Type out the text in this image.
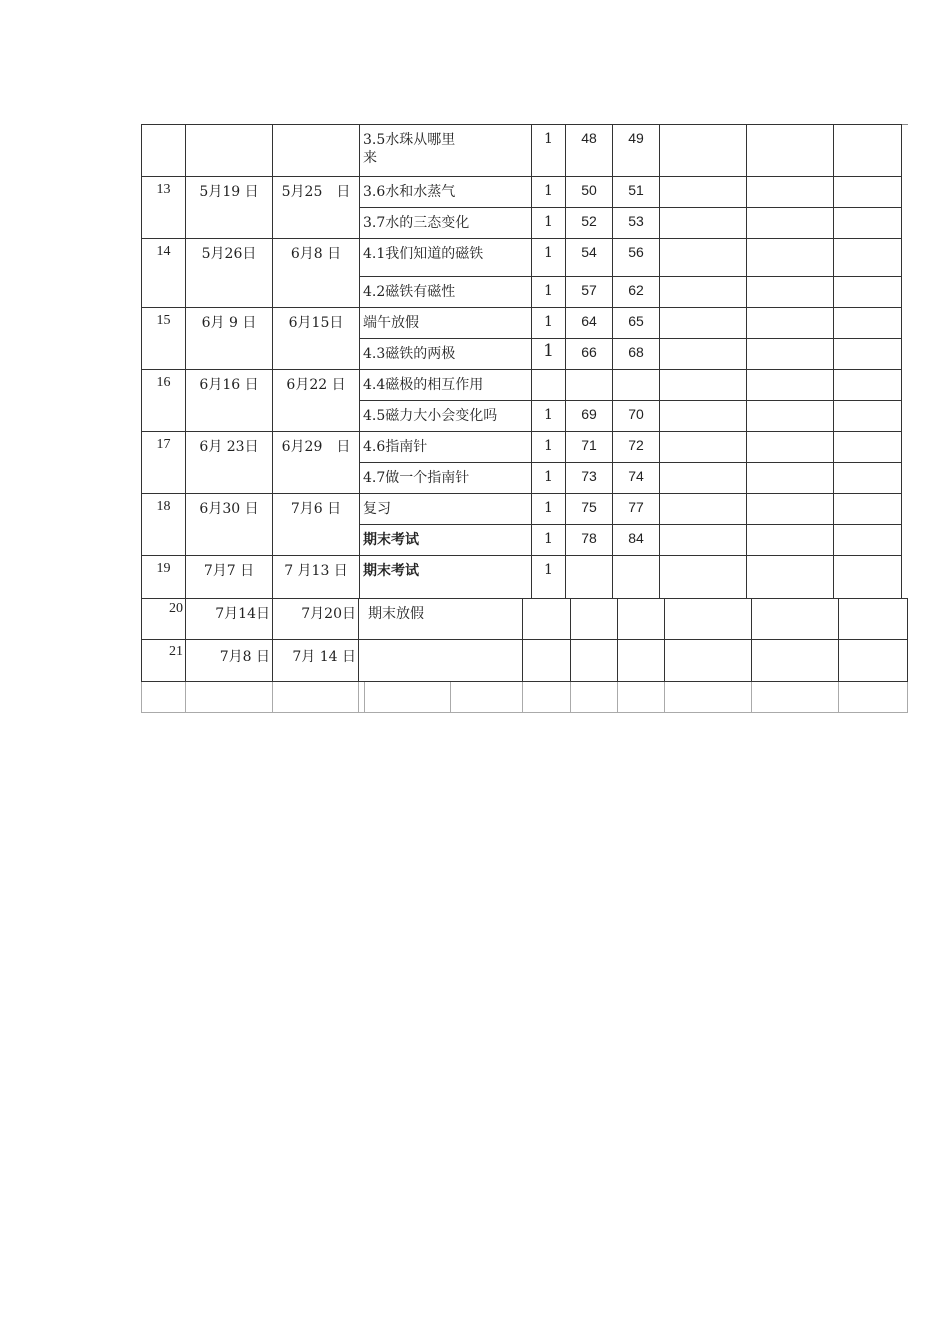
			3.5水珠从哪里
来	1	48	49			
13	5月19 日	5月25　日	3.6水和水蒸气	1	50	51			
			3.7水的三态变化	1	52	53			
14	5月26日	6月8 日	4.1我们知道的磁铁	1	54	56			
			4.2磁铁有磁性	1	57	62			
15	6月 9 日	6月15日	端午放假	1	64	65			
			4.3磁铁的两极	1	66	68			
16	6月16 日	6月22 日	4.4磁极的相互作用						
			4.5磁力大小会变化吗	1	69	70			
17	6月 23日	6月29　日	4.6指南针	1	71	72			
			4.7做一个指南针	1	73	74			
18	6月30 日	7月6 日	复习	1	75	77			
			期末考试	1	78	84			
19	7月7 日	7 月13 日	期末考试	1					
20	7月14日	7月20日	期末放假								
21	7月8 日	7月 14 日									
